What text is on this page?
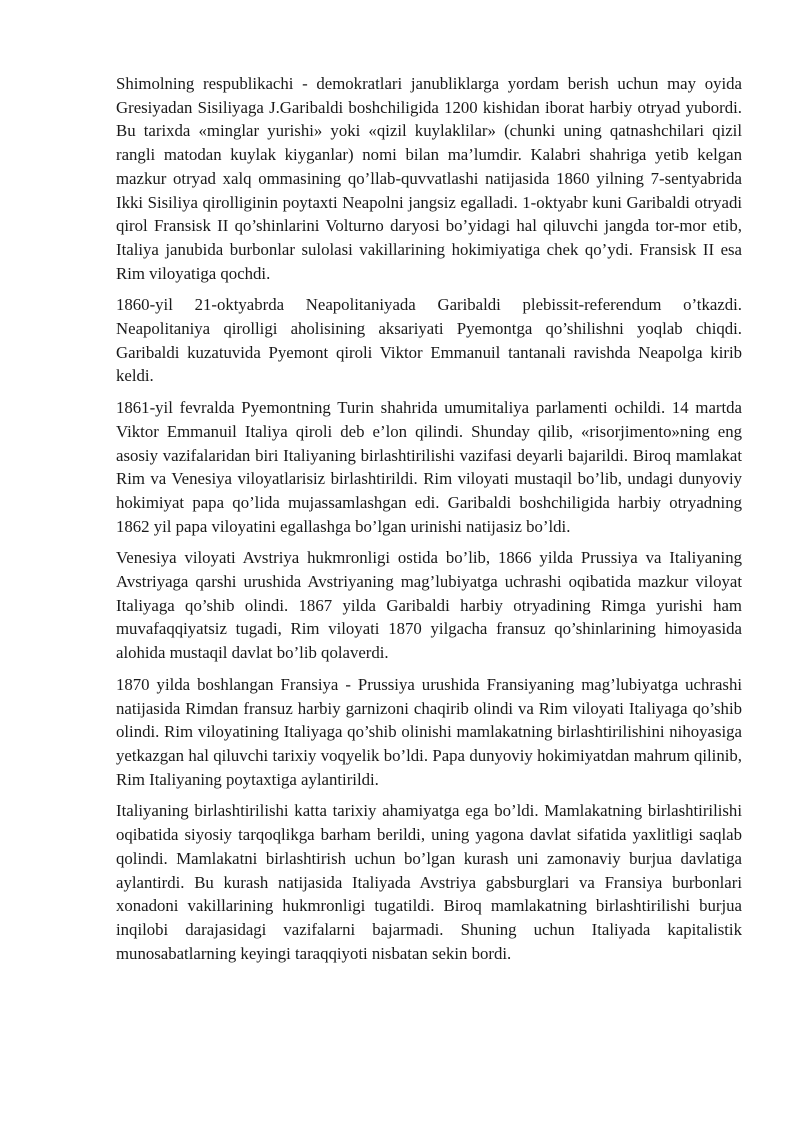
Shimolning respublikachi - demokratlari janubliklarga yordam berish uchun may oyida Gresiyadan Sisiliyaga J.Garibaldi boshchiligida 1200 kishidan iborat harbiy otryad yubordi. Bu tarixda «minglar yurishi» yoki «qizil kuylaklilar» (chunki uning qatnashchilari qizil rangli matodan kuylak kiyganlar) nomi bilan ma’lumdir. Kalabri shahriga yetib kelgan mazkur otryad xalq ommasining qo’llab-quvvatlashi natijasida 1860 yilning 7-sentyabrida Ikki Sisiliya qirolliginin poytaxti Neapolni jangsiz egalladi. 1-oktyabr kuni Garibaldi otryadi qirol Fransisk II qo’shinlarini Volturno daryosi bo’yidagi hal qiluvchi jangda tor-mor etib, Italiya janubida burbonlar sulolasi vakillarining hokimiyatiga chek qo’ydi. Fransisk II esa Rim viloyatiga qochdi.

1860-yil 21-oktyabrda Neapolitaniyada Garibaldi plebissit-referendum o’tkazdi. Neapolitaniya qirolligi aholisining aksariyati Pyemontga qo’shilishni yoqlab chiqdi. Garibaldi kuzatuvida Pyemont qiroli Viktor Emmanuil tantanali ravishda Neapolga kirib keldi.

1861-yil fevralda Pyemontning Turin shahrida umumitaliya parlamenti ochildi. 14 martda Viktor Emmanuil Italiya qiroli deb e’lon qilindi. Shunday qilib, «risorjimento»ning eng asosiy vazifalaridan biri Italiyaning birlashtirilishi vazifasi deyarli bajarildi. Biroq mamlakat Rim va Venesiya viloyatlarisiz birlashtirildi. Rim viloyati mustaqil bo’lib, undagi dunyoviy hokimiyat papa qo’lida mujassamlashgan edi. Garibaldi boshchiligida harbiy otryadning 1862 yil papa viloyatini egallashga bo’lgan urinishi natijasiz bo’ldi.

Venesiya viloyati Avstriya hukmronligi ostida bo’lib, 1866 yilda Prussiya va Italiyaning Avstriyaga qarshi urushida Avstriyaning mag’lubiyatga uchrashi oqibatida mazkur viloyat Italiyaga qo’shib olindi. 1867 yilda Garibaldi harbiy otryadining Rimga yurishi ham muvafaqqiyatsiz tugadi, Rim viloyati 1870 yilgacha fransuz qo’shinlarining himoyasida alohida mustaqil davlat bo’lib qolaverdi.

1870 yilda boshlangan Fransiya - Prussiya urushida Fransiyaning mag’lubiyatga uchrashi natijasida Rimdan fransuz harbiy garnizoni chaqirib olindi va Rim viloyati Italiyaga qo’shib olindi. Rim viloyatining Italiyaga qo’shib olinishi mamlakatning birlashtirilishini nihoyasiga yetkazgan hal qiluvchi tarixiy voqyelik bo’ldi. Papa dunyoviy hokimiyatdan mahrum qilinib, Rim Italiyaning poytaxtiga aylantirildi.

Italiyaning birlashtirilishi katta tarixiy ahamiyatga ega bo’ldi. Mamlakatning birlashtirilishi oqibatida siyosiy tarqoqlikga barham berildi, uning yagona davlat sifatida yaxlitligi saqlab qolindi. Mamlakatni birlashtirish uchun bo’lgan kurash uni zamonaviy burjua davlatiga aylantirdi. Bu kurash natijasida Italiyada Avstriya gabsburglari va Fransiya burbonlari xonadoni vakillarining hukmronligi tugatildi. Biroq mamlakatning birlashtirilishi burjua inqilobi darajasidagi vazifalarni bajarmadi. Shuning uchun Italiyada kapitalistik munosabatlarning keyingi taraqqiyoti nisbatan sekin bordi.
